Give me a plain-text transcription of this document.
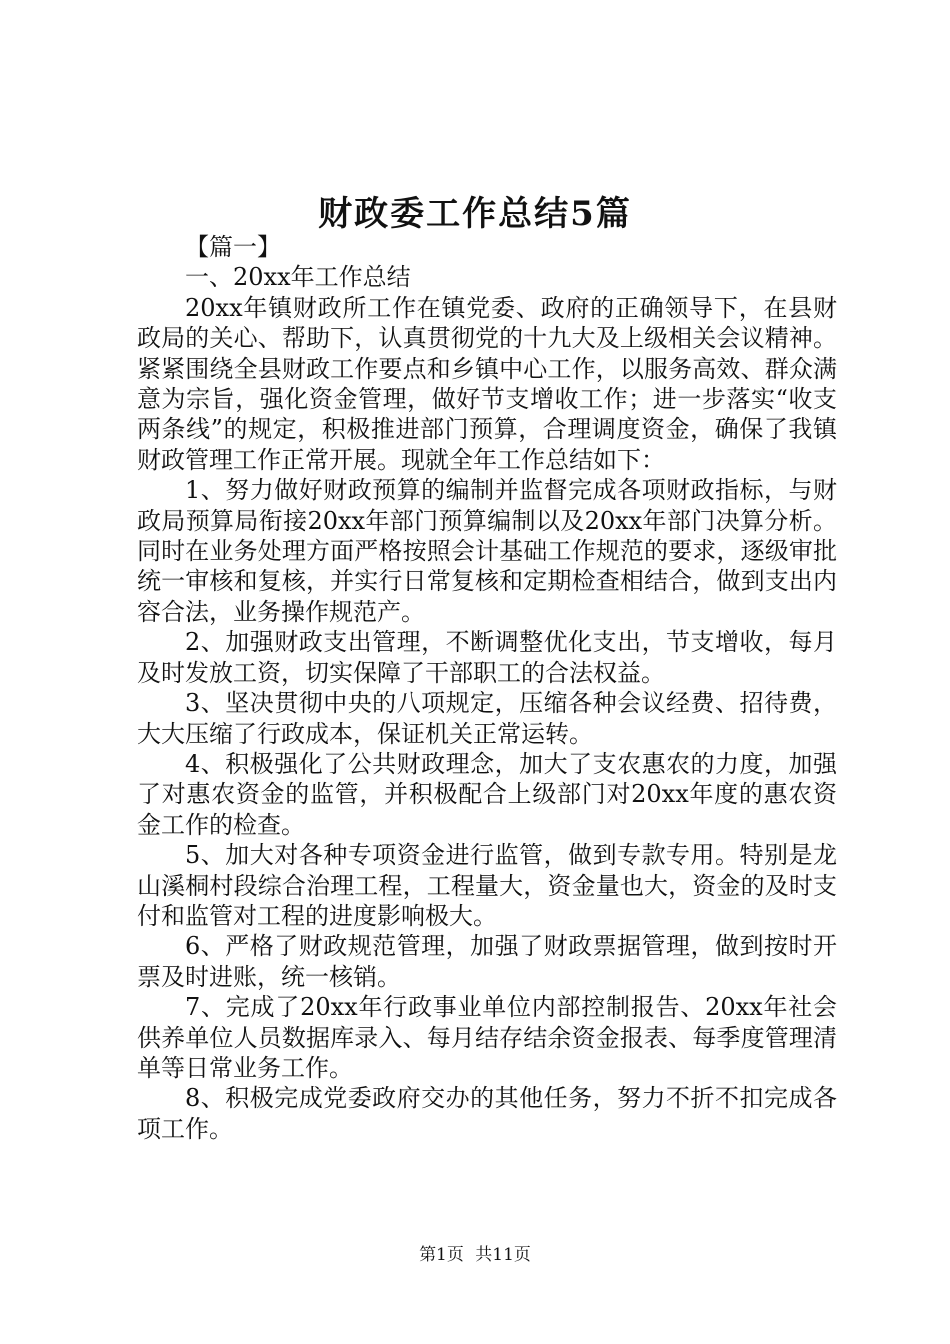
财政委工作总结5篇

【篇一】

一、20xx年工作总结

20xx年镇财政所工作在镇党委、政府的正确领导下，在县财政局的关心、帮助下，认真贯彻党的十九大及上级相关会议精神。紧紧围绕全县财政工作要点和乡镇中心工作，以服务高效、群众满意为宗旨，强化资金管理，做好节支增收工作；进一步落实“收支两条线”的规定，积极推进部门预算，合理调度资金，确保了我镇财政管理工作正常开展。现就全年工作总结如下：

1、努力做好财政预算的编制并监督完成各项财政指标，与财政局预算局衔接20xx年部门预算编制以及20xx年部门决算分析。同时在业务处理方面严格按照会计基础工作规范的要求，逐级审批统一审核和复核，并实行日常复核和定期检查相结合，做到支出内容合法，业务操作规范产。

2、加强财政支出管理，不断调整优化支出，节支增收，每月及时发放工资，切实保障了干部职工的合法权益。

3、坚决贯彻中央的八项规定，压缩各种会议经费、招待费，大大压缩了行政成本，保证机关正常运转。

4、积极强化了公共财政理念，加大了支农惠农的力度，加强了对惠农资金的监管，并积极配合上级部门对20xx年度的惠农资金工作的检查。

5、加大对各种专项资金进行监管，做到专款专用。特别是龙山溪桐村段综合治理工程，工程量大，资金量也大，资金的及时支付和监管对工程的进度影响极大。

6、严格了财政规范管理，加强了财政票据管理，做到按时开票及时进账，统一核销。

7、完成了20xx年行政事业单位内部控制报告、20xx年社会供养单位人员数据库录入、每月结存结余资金报表、每季度管理清单等日常业务工作。

8、积极完成党委政府交办的其他任务，努力不折不扣完成各项工作。

第1页 共11页
